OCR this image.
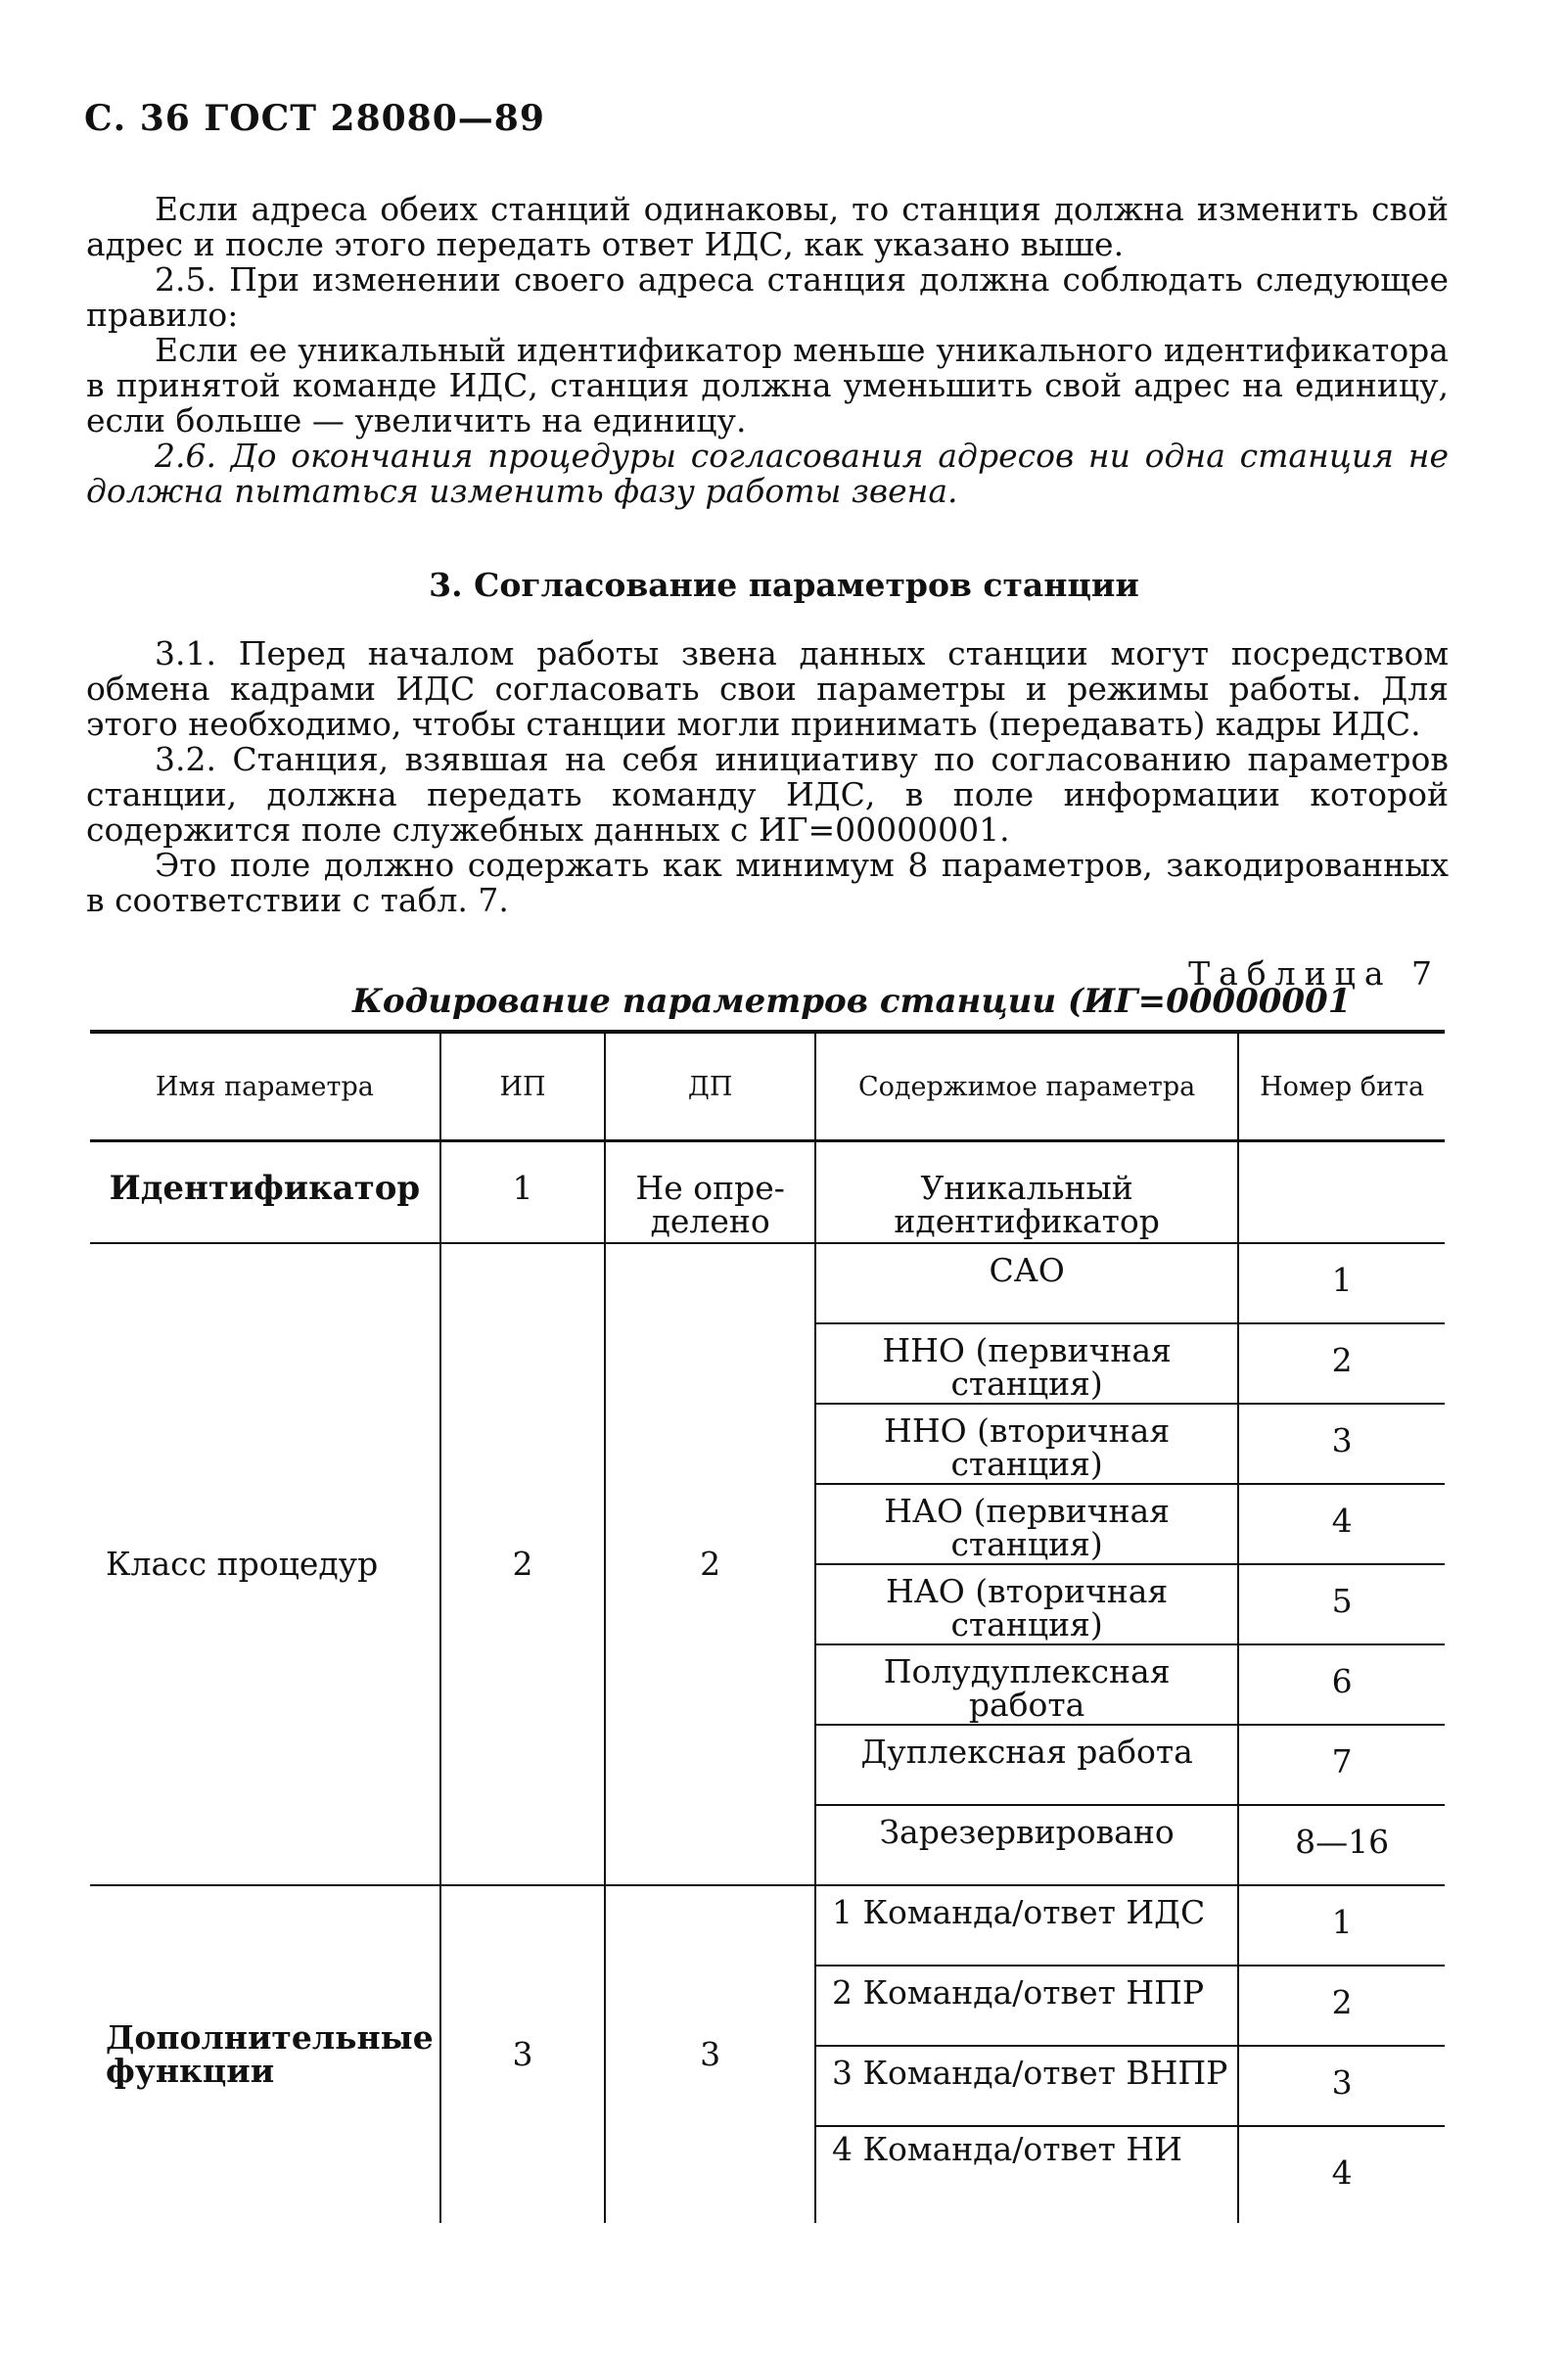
С. 36 ГОСТ 28080—89

Если адреса обеих станций одинаковы, то станция должна изменить свой адрес и после этого передать ответ ИДС, как указано выше.

2.5. При изменении своего адреса станция должна соблюдать следующее правило:

Если ее уникальный идентификатор меньше уникального идентификатора в принятой команде ИДС, станция должна уменьшить свой адрес на единицу, если больше — увеличить на единицу.

2.6. До окончания процедуры согласования адресов ни одна станция не должна пытаться изменить фазу работы звена.

3. Согласование параметров станции

3.1. Перед началом работы звена данных станции могут посредством обмена кадрами ИДС согласовать свои параметры и режимы работы. Для этого необходимо, чтобы станции могли принимать (передавать) кадры ИДС.

3.2. Станция, взявшая на себя инициативу по согласованию параметров станции, должна передать команду ИДС, в поле информации которой содержится поле служебных данных с ИГ=00000001.

Это поле должно содержать как минимум 8 параметров, закодированных в соответствии с табл. 7.

Таблица 7
Кодирование параметров станции (ИГ=00000001
Имя параметра	ИП	ДП	Содержимое параметра	Номер бита
Идентификатор	1	Не опре-делено	Уникальный идентификатор	
Класс процедур	2	2	САО	1
			ННО (первичная станция)	2
			ННО (вторичная станция)	3
			НАО (первичная станция)	4
			НАО (вторичная станция)	5
			Полудуплексная работа	6
			Дуплексная работа	7
			Зарезервировано	8—16
Дополнительные функции	3	3	1 Команда/ответ ИДС	1
			2 Команда/ответ НПР	2
			3 Команда/ответ ВНПР	3
			4 Команда/ответ НИ	4
